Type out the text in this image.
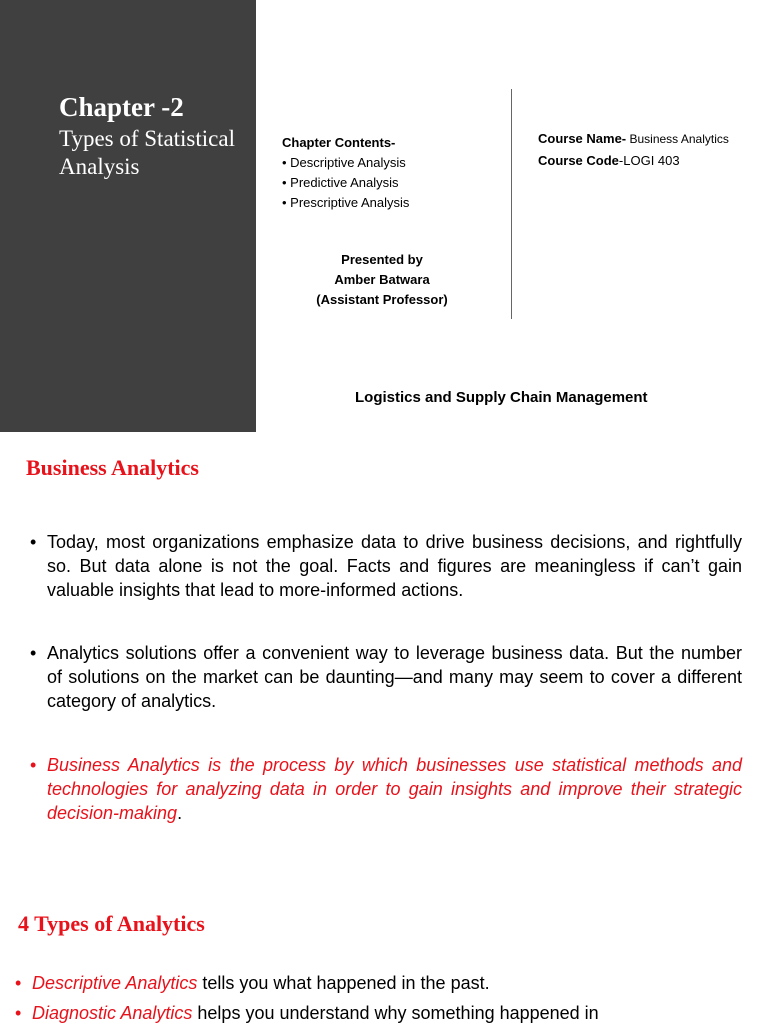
Chapter -2
Types of Statistical Analysis
Chapter Contents-
• Descriptive Analysis
• Predictive Analysis
• Prescriptive Analysis
Presented by
Amber Batwara
(Assistant Professor)
Course Name- Business Analytics
Course Code-LOGI 403
Logistics and Supply Chain Management
Business Analytics
• Today, most organizations emphasize data to drive business decisions, and rightfully so. But data alone is not the goal. Facts and figures are meaningless if can’t gain valuable insights that lead to more-informed actions.
• Analytics solutions offer a convenient way to leverage business data. But the number of solutions on the market can be daunting—and many may seem to cover a different category of analytics.
• Business Analytics is the process by which businesses use statistical methods and technologies for analyzing data in order to gain insights and improve their strategic decision-making.
4 Types of Analytics
• Descriptive Analytics tells you what happened in the past.
• Diagnostic Analytics helps you understand why something happened in
